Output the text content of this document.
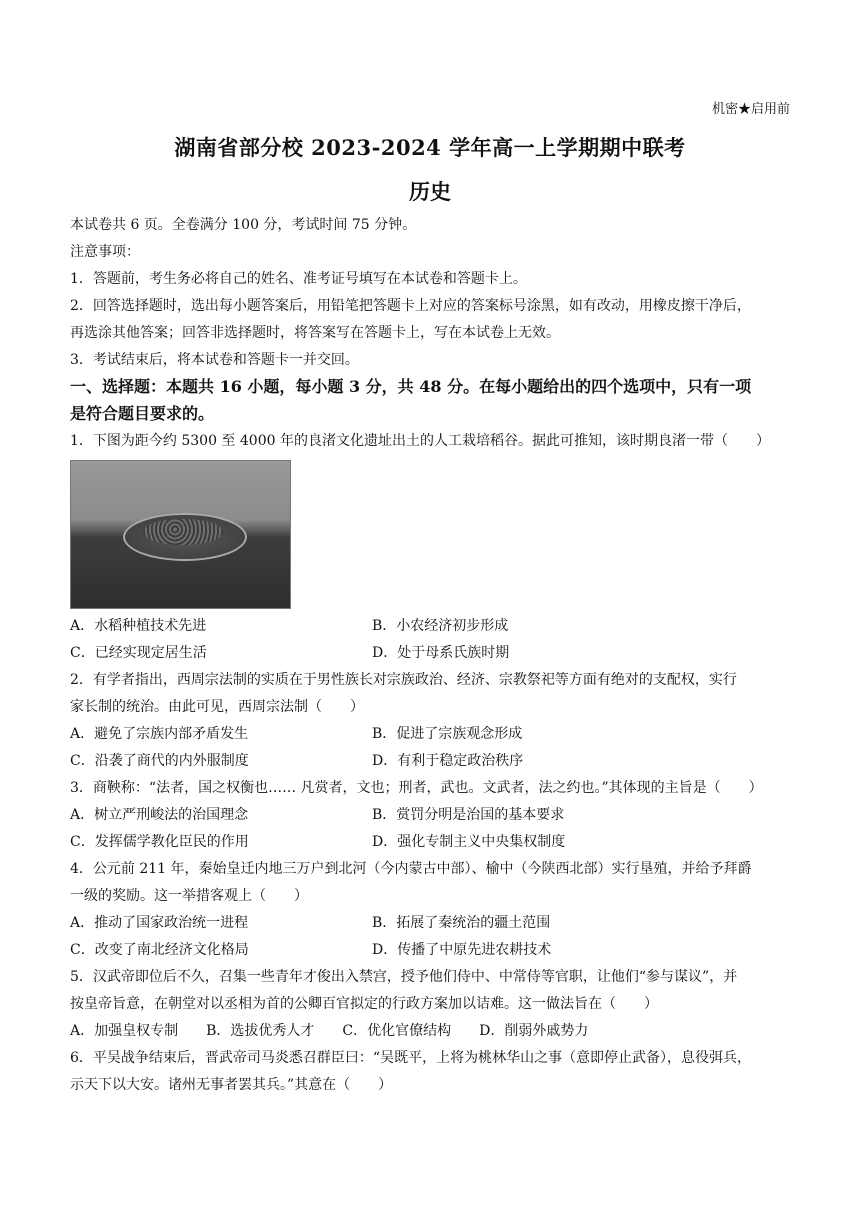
机密★启用前
湖南省部分校 2023-2024 学年高一上学期期中联考
历史
本试卷共 6 页。全卷满分 100 分，考试时间 75 分钟。
注意事项：
1．答题前，考生务必将自己的姓名、准考证号填写在本试卷和答题卡上。
2．回答选择题时，选出每小题答案后，用铅笔把答题卡上对应的答案标号涂黑，如有改动，用橡皮擦干净后，
再选涂其他答案；回答非选择题时，将答案写在答题卡上，写在本试卷上无效。
3．考试结束后，将本试卷和答题卡一并交回。
一、选择题：本题共 16 小题，每小题 3 分，共 48 分。在每小题给出的四个选项中，只有一项
是符合题目要求的。
1．下图为距今约 5300 至 4000 年的良渚文化遗址出土的人工栽培稻谷。据此可推知，该时期良渚一带（　　）
A．水稻种植技术先进	B．小农经济初步形成
C．已经实现定居生活	D．处于母系氏族时期
2．有学者指出，西周宗法制的实质在于男性族长对宗族政治、经济、宗教祭祀等方面有绝对的支配权，实行
家长制的统治。由此可见，西周宗法制（　　）
A．避免了宗族内部矛盾发生	B．促进了宗族观念形成
C．沿袭了商代的内外服制度	D．有利于稳定政治秩序
3．商鞅称：“法者，国之权衡也…… 凡赏者，文也；刑者，武也。文武者，法之约也。”其体现的主旨是（　　）
A．树立严刑峻法的治国理念	B．赏罚分明是治国的基本要求
C．发挥儒学教化臣民的作用	D．强化专制主义中央集权制度
4．公元前 211 年，秦始皇迁内地三万户到北河（今内蒙古中部）、榆中（今陕西北部）实行垦殖，并给予拜爵
一级的奖励。这一举措客观上（　　）
A．推动了国家政治统一进程	B．拓展了秦统治的疆土范围
C．改变了南北经济文化格局	D．传播了中原先进农耕技术
5．汉武帝即位后不久，召集一些青年才俊出入禁宫，授予他们侍中、中常侍等官职，让他们“参与谋议”，并
按皇帝旨意，在朝堂对以丞相为首的公卿百官拟定的行政方案加以诘难。这一做法旨在（　　）
A．加强皇权专制　　B．选拔优秀人才　　C．优化官僚结构　　D．削弱外戚势力
6．平吴战争结束后，晋武帝司马炎悉召群臣曰：“吴既平，上将为桃林华山之事（意即停止武备），息役弭兵，
示天下以大安。诸州无事者罢其兵。”其意在（　　）
